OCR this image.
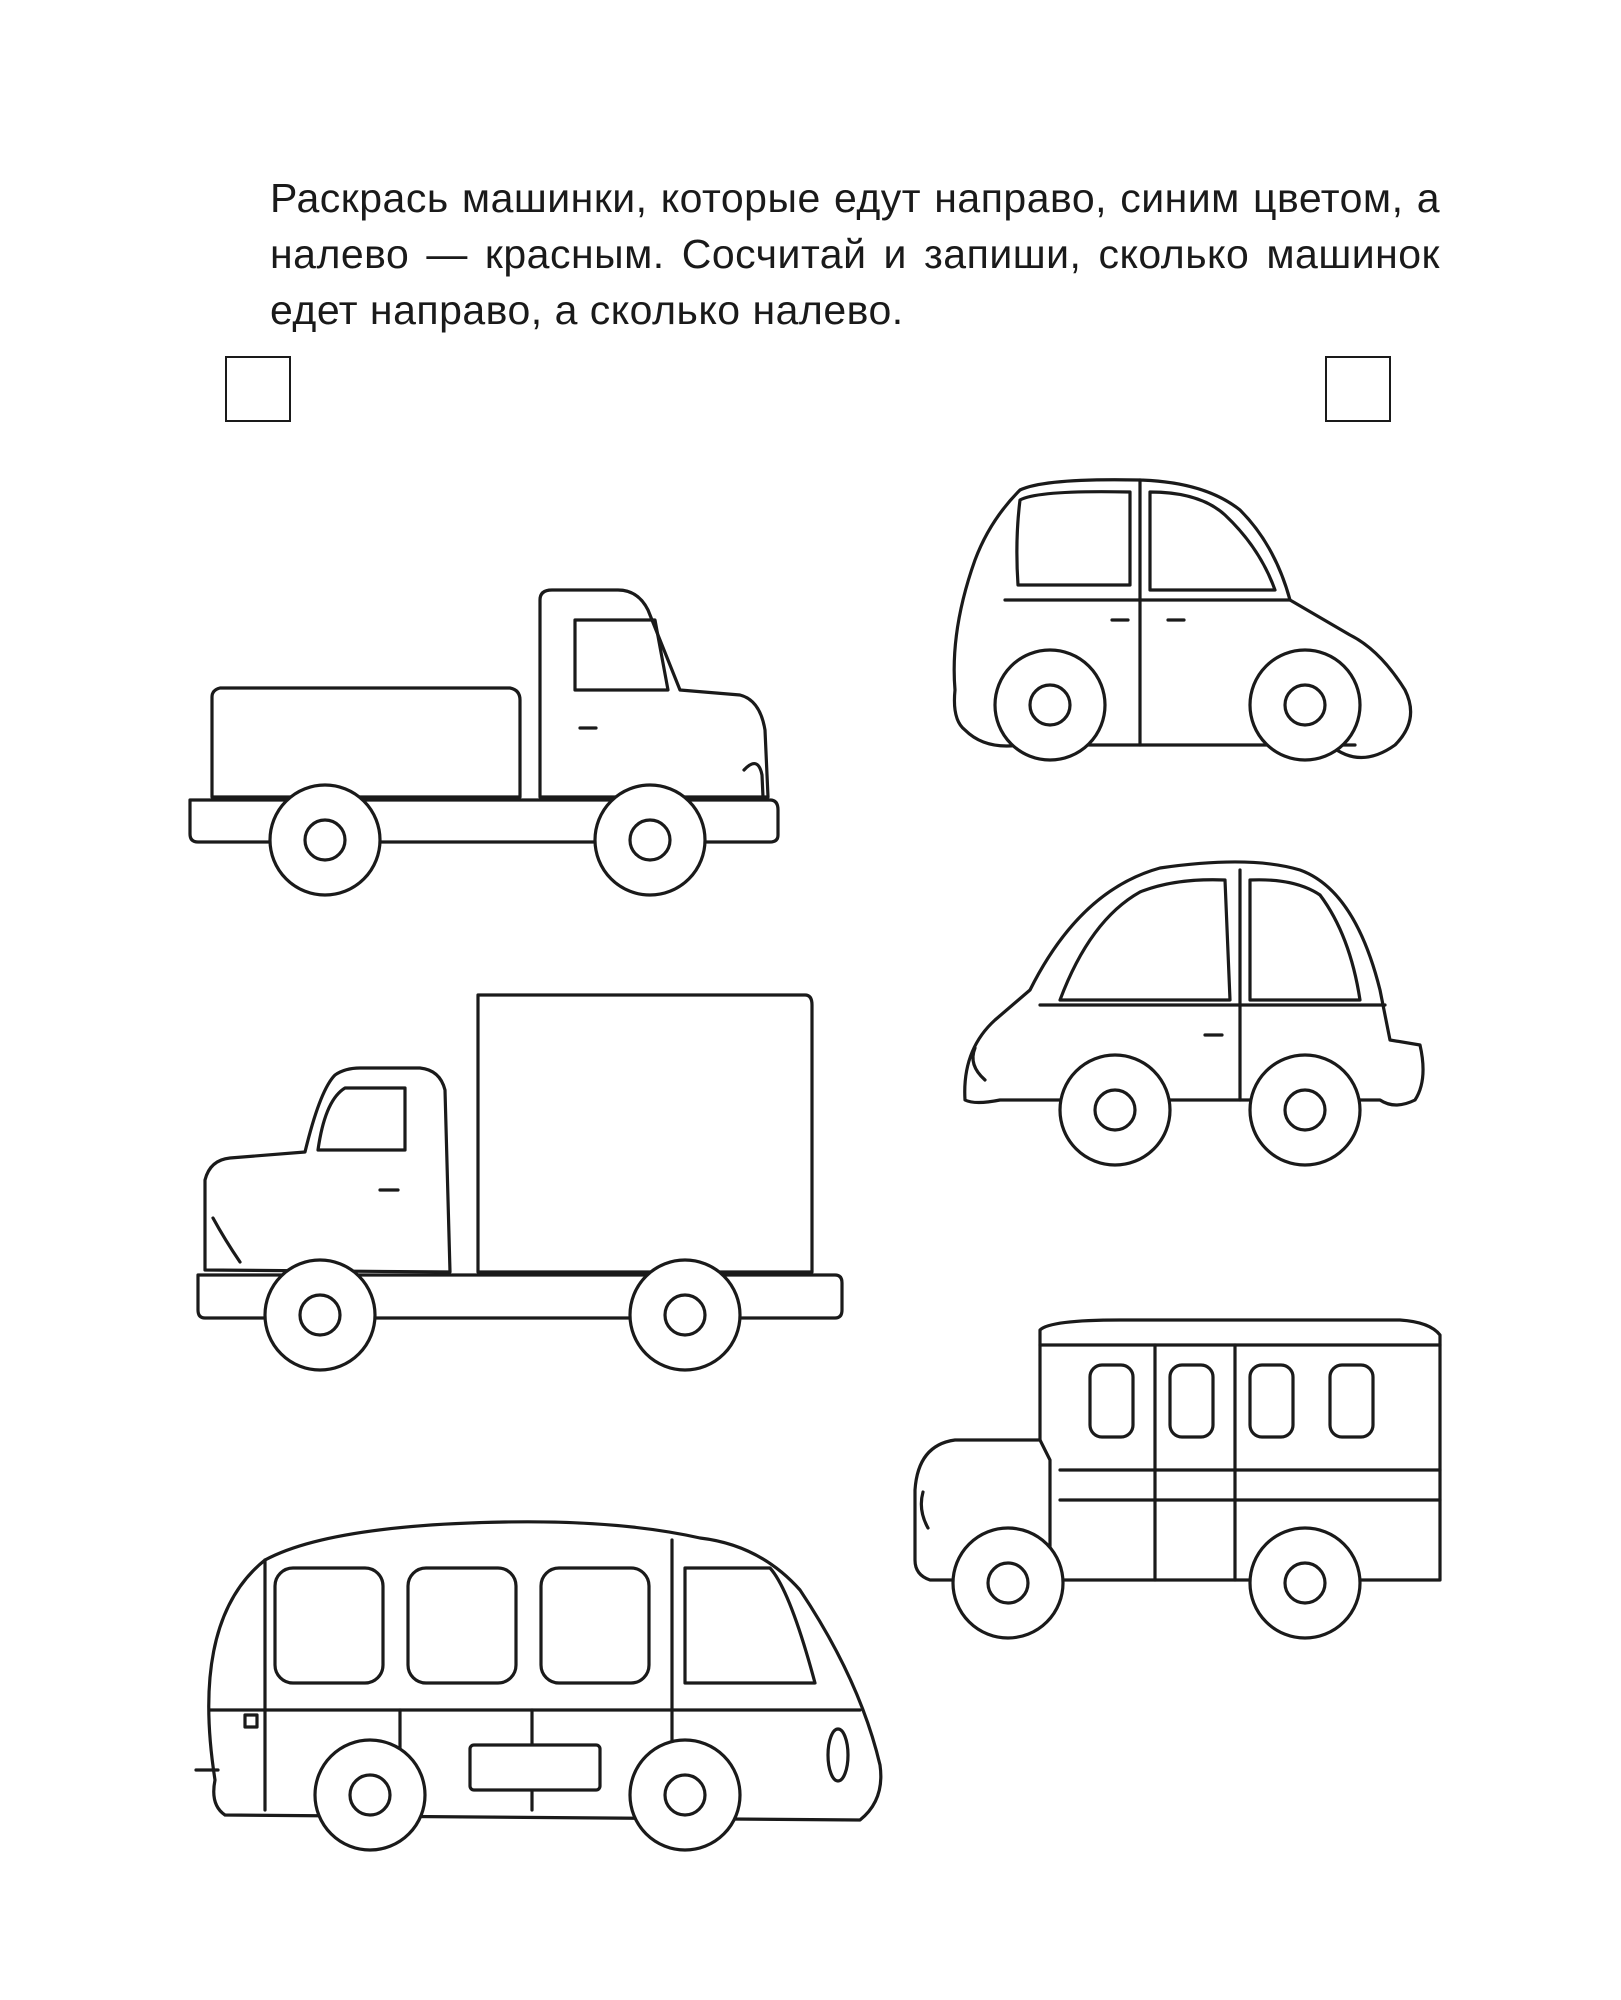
Раскрась машинки, которые едут направо, синим цветом, а налево — красным. Сосчитай и запиши, сколько машинок едет направо, а сколько налево.
